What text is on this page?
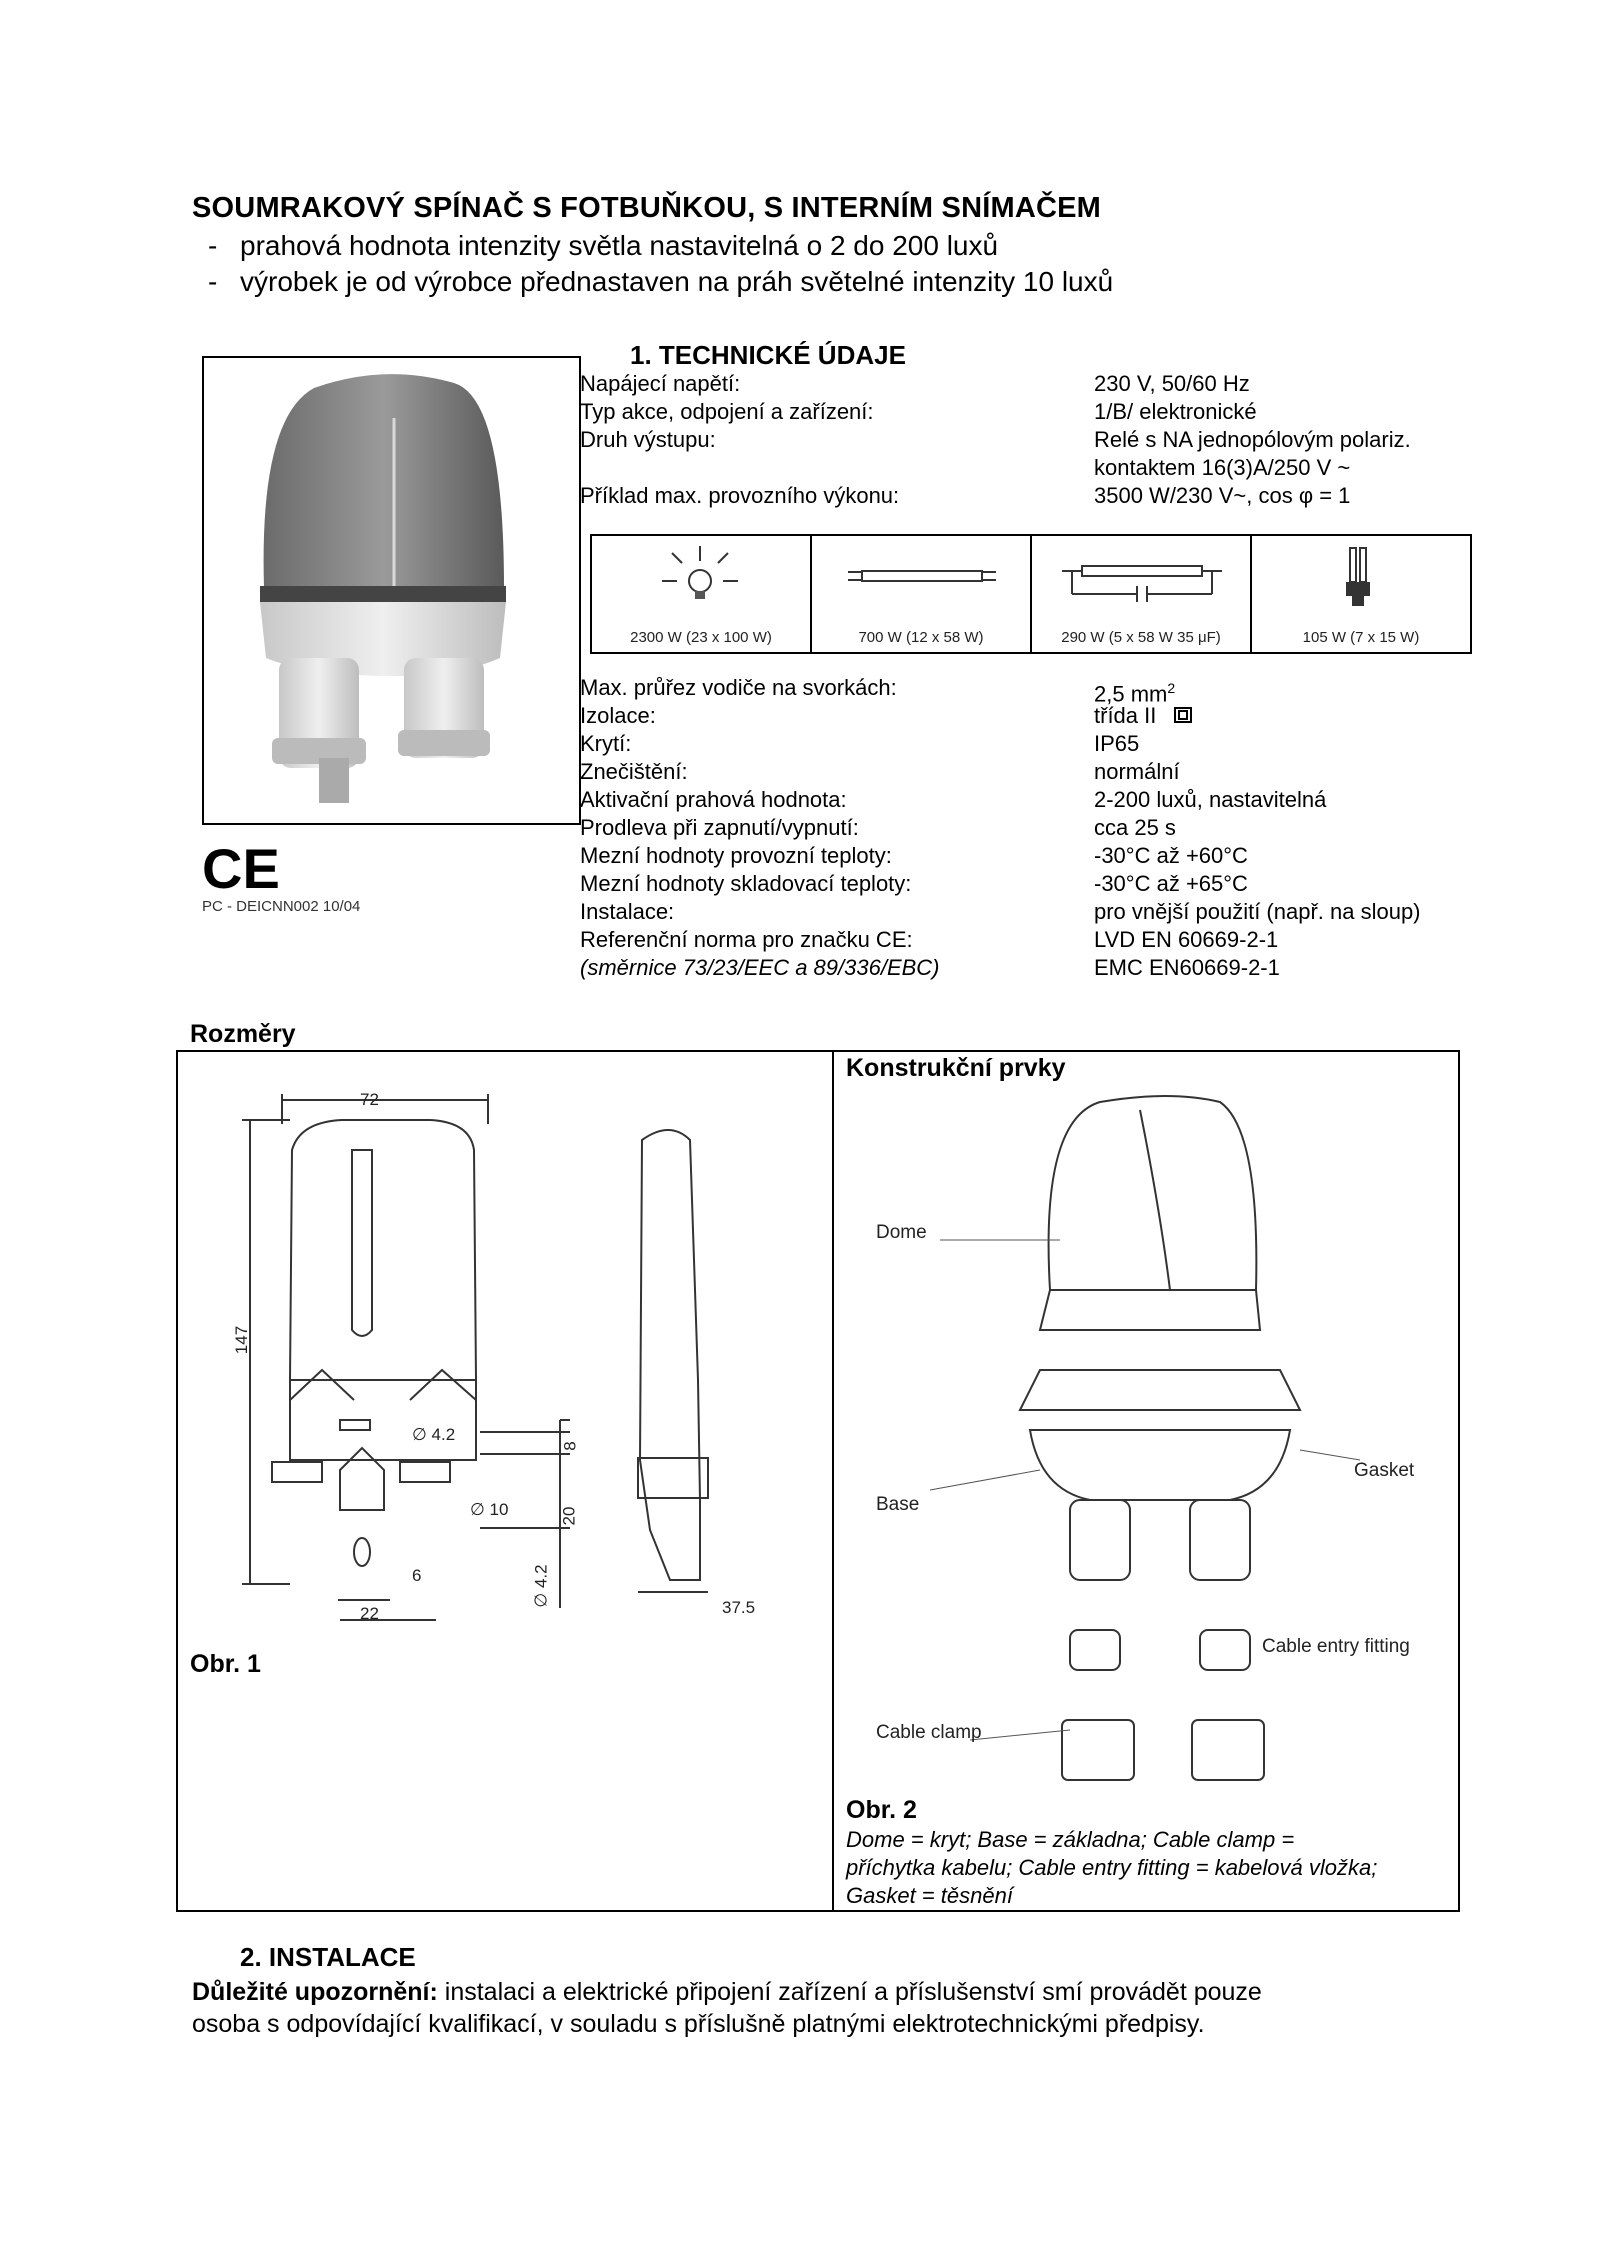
SOUMRAKOVÝ SPÍNAČ S FOTBUŇKOU, S INTERNÍM SNÍMAČEM
- prahová hodnota intenzity světla nastavitelná o 2 do 200 luxů
- výrobek je od výrobce přednastaven na práh světelné intenzity 10 luxů
CE
PC - DEICNN002 10/04
1. TECHNICKÉ ÚDAJE
Napájecí napětí:	230 V, 50/60 Hz
Typ akce, odpojení a zařízení:	1/B/ elektronické
Druh výstupu:	Relé s NA jednopólovým polariz.
kontaktem 16(3)A/250 V ~
Příklad max. provozního výkonu:	3500 W/230 V~, cos φ = 1
2300 W (23 x 100 W)	700 W (12 x 58 W)	290 W (5 x 58 W 35 μF)	105 W (7 x 15 W)
Max. průřez vodiče na svorkách:	2,5 $mm^2$
Izolace:	třída II
Krytí:	IP65
Znečištění:	normální
Aktivační prahová hodnota:	2-200 luxů, nastavitelná
Prodleva při zapnutí/vypnutí:	cca 25 s
Mezní hodnoty provozní teploty:	-30°C až +60°C
Mezní hodnoty skladovací teploty:	-30°C až +65°C
Instalace:	pro vnější použití (např. na sloup)
Referenční norma pro značku CE:	LVD EN 60669-2-1
(směrnice 73/23/EEC a 89/336/EBC)	EMC EN60669-2-1
Rozměry
Konstrukční prvky
72
147
∅ 4.2
∅ 10
8
20
∅ 4.2
6
22	37.5
Obr. 1
Dome
Gasket
Base
Cable entry fitting
Cable clamp
Obr. 2
Dome = kryt; Base = základna; Cable clamp =
příchytka kabelu; Cable entry fitting = kabelová vložka;
Gasket = těsnění
2. INSTALACE
Důležité upozornění: instalaci a elektrické připojení zařízení a příslušenství smí provádět pouze
osoba s odpovídající kvalifikací, v souladu s příslušně platnými elektrotechnickými předpisy.
